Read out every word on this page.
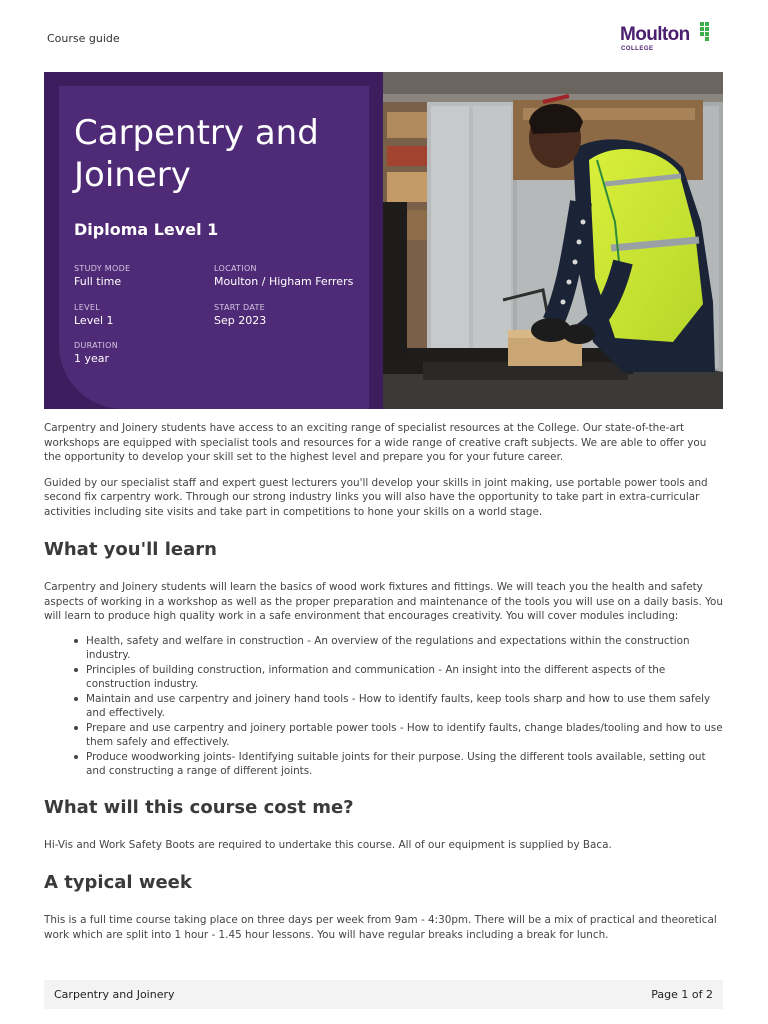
Course guide	Moulton
COLLEGE
Carpentry and Joinery
Diploma Level 1
STUDY MODE
Full time
LOCATION
Moulton / Higham Ferrers
LEVEL
Level 1
START DATE
Sep 2023
DURATION
1 year

Carpentry and Joinery students have access to an exciting range of specialist resources at the College. Our state-of-the-art workshops are equipped with specialist tools and resources for a wide range of creative craft subjects. We are able to offer you the opportunity to develop your skill set to the highest level and prepare you for your future career.

Guided by our specialist staff and expert guest lecturers you'll develop your skills in joint making, use portable power tools and second fix carpentry work. Through our strong industry links you will also have the opportunity to take part in extra-curricular activities including site visits and take part in competitions to hone your skills on a world stage.

What you'll learn

Carpentry and Joinery students will learn the basics of wood work fixtures and fittings. We will teach you the health and safety aspects of working in a workshop as well as the proper preparation and maintenance of the tools you will use on a daily basis. You will learn to produce high quality work in a safe environment that encourages creativity. You will cover modules including:

Health, safety and welfare in construction - An overview of the regulations and expectations within the construction industry.
Principles of building construction, information and communication - An insight into the different aspects of the construction industry.
Maintain and use carpentry and joinery hand tools - How to identify faults, keep tools sharp and how to use them safely and effectively.
Prepare and use carpentry and joinery portable power tools - How to identify faults, change blades/tooling and how to use them safely and effectively.
Produce woodworking joints- Identifying suitable joints for their purpose. Using the different tools available, setting out and constructing a range of different joints.
What will this course cost me?

Hi-Vis and Work Safety Boots are required to undertake this course. All of our equipment is supplied by Baca.

A typical week

This is a full time course taking place on three days per week from 9am - 4:30pm. There will be a mix of practical and theoretical work which are split into 1 hour - 1.45 hour lessons. You will have regular breaks including a break for lunch.

Carpentry and Joinery	Page 1 of 2
